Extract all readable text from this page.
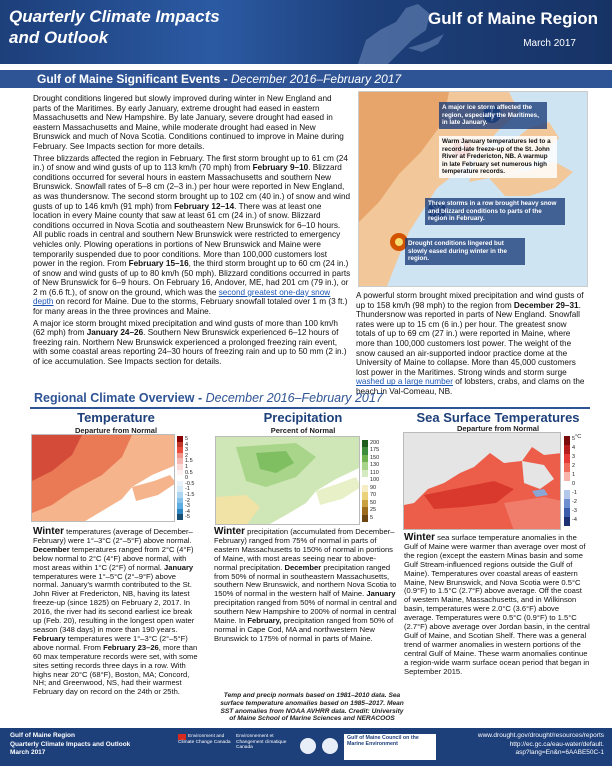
Quarterly Climate Impacts
and Outlook
Gulf of Maine Region
March 2017
Gulf of Maine Significant Events - December 2016–February 2017

Drought conditions lingered but slowly improved during winter in New England and parts of the Maritimes. By early January, extreme drought had eased in eastern Massachusetts and New Hampshire. By late January, severe drought had eased in eastern Massachusetts and Maine, while moderate drought had eased in New Brunswick and much of Nova Scotia. Conditions continued to improve in Maine during February. See Impacts section for more details.

Three blizzards affected the region in February. The first storm brought up to 61 cm (24 in.) of snow and wind gusts of up to 113 km/h (70 mph) from February 9–10. Blizzard conditions occurred for several hours in eastern Massachusetts and southern New Brunswick. Snowfall rates of 5–8 cm (2–3 in.) per hour were reported in New England, as was thundersnow. The second storm brought up to 102 cm (40 in.) of snow and wind gusts of up to 146 km/h (91 mph) from February 12–14. There was at least one location in every Maine county that saw at least 61 cm (24 in.) of snow. Blizzard conditions occurred in Nova Scotia and southeastern New Brunswick for 6–10 hours. All public roads in central and southern New Brunswick were restricted to emergency vehicles only. Plowing operations in portions of New Brunswick and Maine were temporarily suspended due to poor conditions. More than 100,000 customers lost power in the region. From February 15–16, the third storm brought up to 60 cm (24 in.) of snow and wind gusts of up to 80 km/h (50 mph). Blizzard conditions occurred in parts of New Brunswick for 6–9 hours. On February 16, Andover, ME, had 201 cm (79 in.), or 2 m (6.6 ft.), of snow on the ground, which was the second greatest one-day snow depth on record for Maine. Due to the storms, February snowfall totaled over 1 m (3 ft.) for many areas in the three provinces and Maine.

A major ice storm brought mixed precipitation and wind gusts of more than 100 km/h (62 mph) from January 24–26. Southern New Brunswick experienced 6–12 hours of freezing rain. Northern New Brunswick experienced a prolonged freezing rain event, with some coastal areas reporting 24–30 hours of freezing rain and up to 50 mm (2 in.) of ice accumulation. See Impacts section for details.

A major ice storm affected the region, especially the Maritimes, in late January.
Warm January temperatures led to a record-late freeze-up of the St. John River at Fredericton, NB. A warmup in late February set numerous high temperature records.
Three storms in a row brought heavy snow and blizzard conditions to parts of the region in February.
Drought conditions lingered but slowly eased during winter in the region.

A powerful storm brought mixed precipitation and wind gusts of up to 158 km/h (98 mph) to the region from December 29–31. Thundersnow was reported in parts of New England. Snowfall rates were up to 15 cm (6 in.) per hour. The greatest snow totals of up to 69 cm (27 in.) were reported in Maine, where more than 100,000 customers lost power. The weight of the snow caused an air-supported indoor practice dome at the University of Maine to collapse. More than 45,000 customers lost power in the Maritimes. Strong winds and storm surge washed up a large number of lobsters, crabs, and clams on the beach in Val-Comeau, NB.

Regional Climate Overview - December 2016–February 2017
Temperature
Departure from Normal
5
4
3
2
1.5
1
0.5
0
-0.5
-1
-1.5
-2
-3
-4
-5
Winter temperatures (average of December–February) were 1°–3°C (2°–5°F) above normal. December temperatures ranged from 2°C (4°F) below normal to 2°C (4°F) above normal, with most areas within 1°C (2°F) of normal. January temperatures were 1°–5°C (2°–9°F) above normal. January's warmth contributed to the St. John River at Fredericton, NB, having its latest freeze-up (since 1825) on February 2, 2017. In 2016, the river had its second earliest ice break up (Feb. 20), resulting in the longest open water season (348 days) in more than 190 years. February temperatures were 1°–3°C (2°–5°F) above normal. From February 23–26, more than 60 max temperature records were set, with some sites setting records three days in a row. With highs near 20°C (68°F), Boston, MA; Concord, NH; and Greenwood, NS, had their warmest February day on record on the 24th or 25th.
Precipitation
Percent of Normal
200
175
150
130
110
100
90
70
50
25
5
Winter precipitation (accumulated from December–February) ranged from 75% of normal in parts of eastern Massachusetts to 150% of normal in portions of Maine, with most areas seeing near to above-normal precipitation. December precipitation ranged from 50% of normal in southeastern Massachusetts, southern New Brunswick, and northern Nova Scotia to 150% of normal in the western half of Maine. January precipitation ranged from 50% of normal in central and southern New Hampshire to 200% of normal in central Maine. In February, precipitation ranged from 50% of normal in Cape Cod, MA and northwestern New Brunswick to 175% of normal in parts of Maine.
Temp and precip normals based on 1981–2010 data. Sea surface temperature anomalies based on 1985–2017. Mean SST anomalies from NOAA AVHRR data. Credit: University of Maine School of Marine Sciences and NERACOOS
Sea Surface Temperatures
Departure from Normal
5
4
3
2
1
0
-1
-2
-3
-4
°C
Winter sea surface temperature anomalies in the Gulf of Maine were warmer than average over most of the region (except the eastern Minas basin and some Gulf Stream-influenced regions outside the Gulf of Maine). Temperatures over coastal areas of eastern Maine, New Brunswick, and Nova Scotia were 0.5°C (0.9°F) to 1.5°C (2.7°F) above average. Off the coast of western Maine, Massachusetts, and in Wilkinson basin, temperatures were 2.0°C (3.6°F) above average. Temperatures were 0.5°C (0.9°F) to 1.5°C (2.7°F) above average over Jordan basin, in the central Gulf of Maine, and Scotian Shelf. There was a general trend of warmer anomalies in western portions of the central Gulf of Maine. These warm anomalies continue a region-wide warm surface ocean period that began in September 2015.
Gulf of Maine Region
Quarterly Climate Impacts and Outlook
March 2017
Environment and Climate Change Canada
Environnement et Changement climatique Canada
Gulf of Maine Council on the Marine Environment
www.drought.gov/drought/resources/reports
http://ec.gc.ca/eau-water/default.
asp?lang=En&n=6AABE50C-1
